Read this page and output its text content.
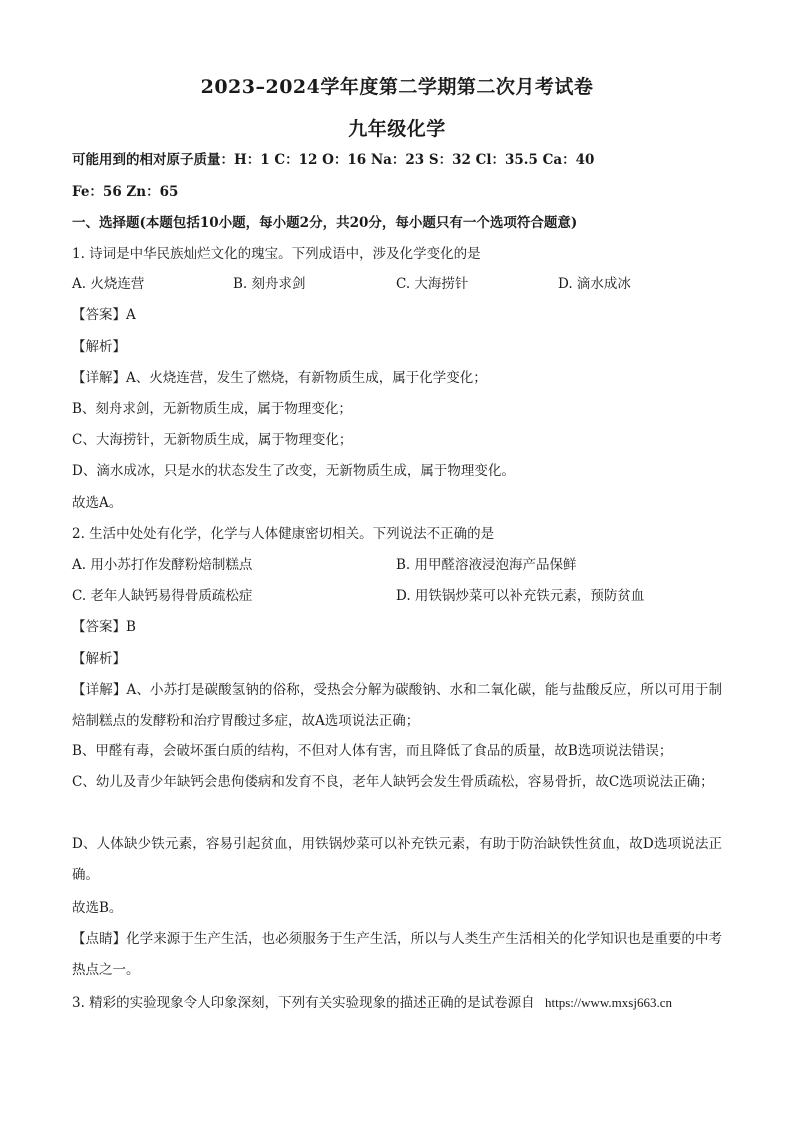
2023–2024学年度第二学期第二次月考试卷
九年级化学
可能用到的相对原子质量：H：1 C：12 O：16 Na：23 S：32 Cl：35.5 Ca：40
Fe：56 Zn：65
一、选择题(本题包括10小题，每小题2分，共20分，每小题只有一个选项符合题意)
1. 诗词是中华民族灿烂文化的瑰宝。下列成语中，涉及化学变化的是
A. 火烧连营	B. 刻舟求剑	C. 大海捞针	D. 滴水成冰
【答案】A
【解析】
【详解】A、火烧连营，发生了燃烧，有新物质生成，属于化学变化；
B、刻舟求剑，无新物质生成，属于物理变化；
C、大海捞针，无新物质生成，属于物理变化；
D、滴水成冰，只是水的状态发生了改变，无新物质生成，属于物理变化。
故选A。
2. 生活中处处有化学，化学与人体健康密切相关。下列说法不正确的是
A. 用小苏打作发酵粉焙制糕点	B. 用甲醛溶液浸泡海产品保鲜
C. 老年人缺钙易得骨质疏松症	D. 用铁锅炒菜可以补充铁元素，预防贫血
【答案】B
【解析】
【详解】A、小苏打是碳酸氢钠的俗称，受热会分解为碳酸钠、水和二氧化碳，能与盐酸反应，所以可用于制焙制糕点的发酵粉和治疗胃酸过多症，故A选项说法正确；
B、甲醛有毒，会破坏蛋白质的结构，不但对人体有害，而且降低了食品的质量，故B选项说法错误；
C、幼儿及青少年缺钙会患佝偻病和发育不良，老年人缺钙会发生骨质疏松，容易骨折，故C选项说法正确；
D、人体缺少铁元素，容易引起贫血，用铁锅炒菜可以补充铁元素，有助于防治缺铁性贫血，故D选项说法正确。
故选B。
【点睛】化学来源于生产生活，也必须服务于生产生活，所以与人类生产生活相关的化学知识也是重要的中考热点之一。
3. 精彩的实验现象令人印象深刻，下列有关实验现象的描述正确的是试卷源自 https://www.mxsj663.cn
